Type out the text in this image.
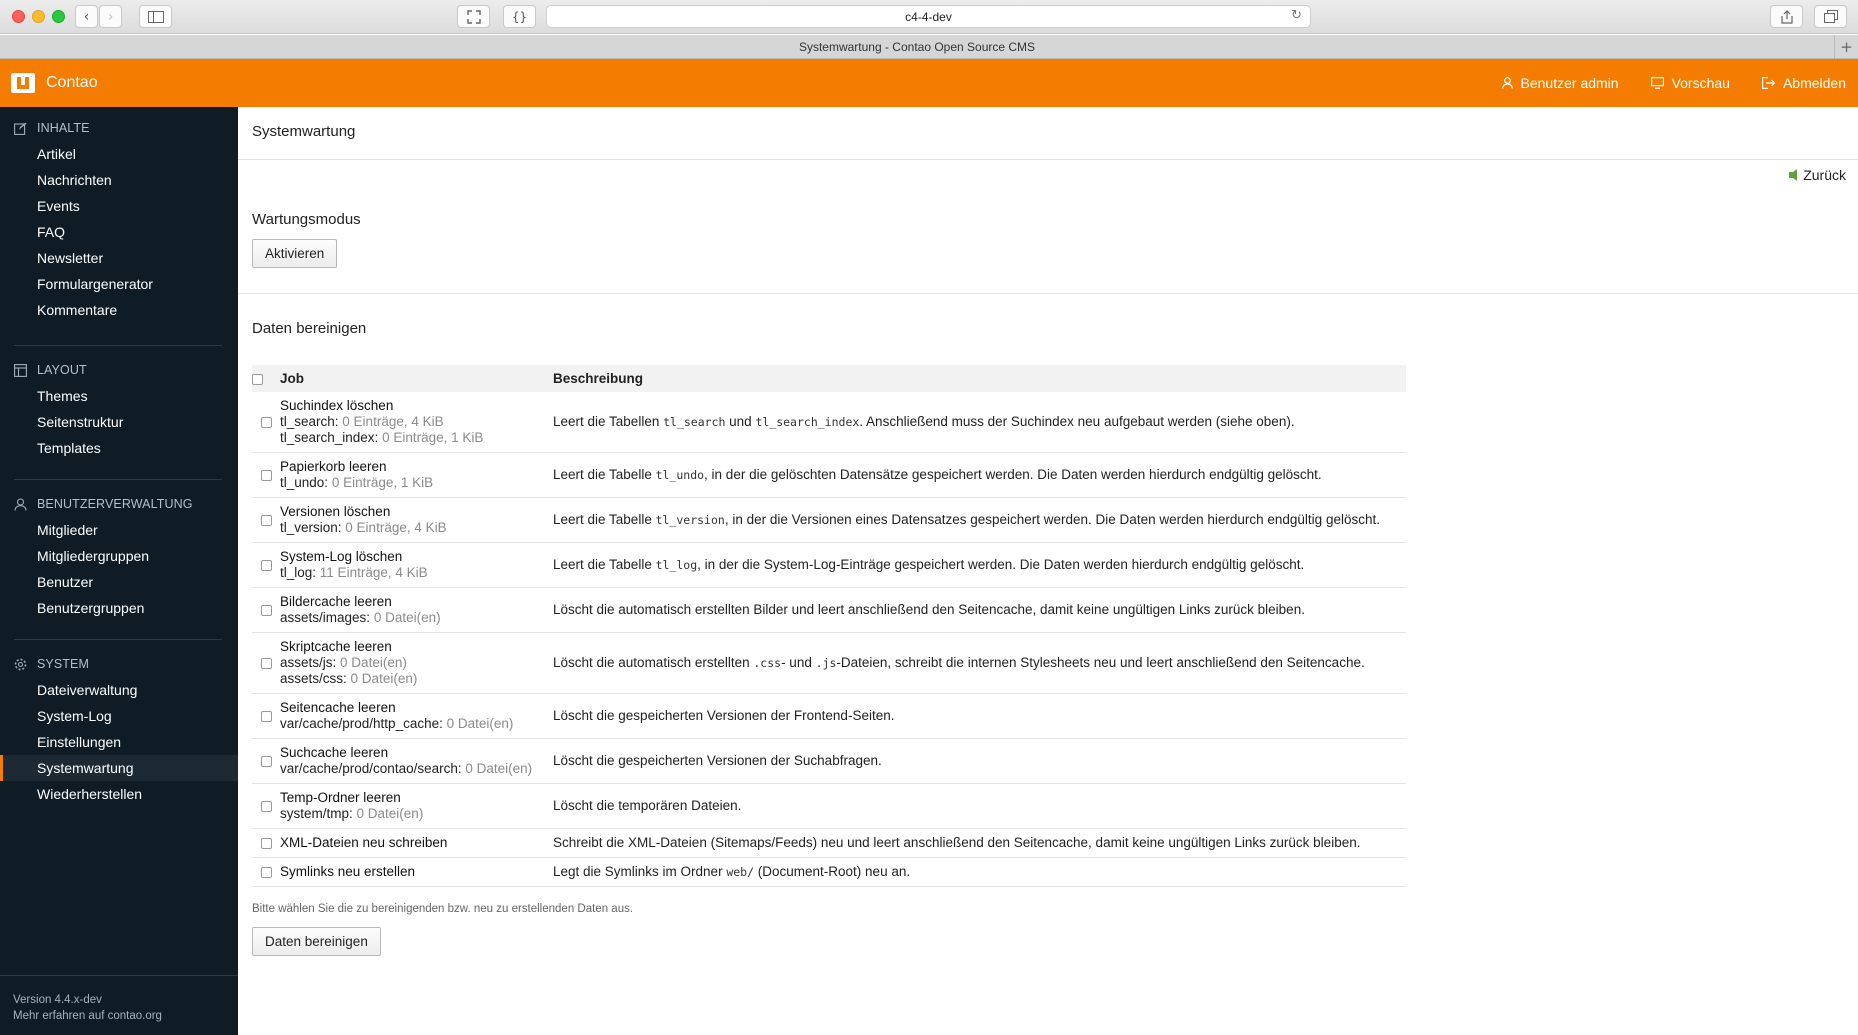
‹ ›	{}	c4-4-dev	↻
Systemwartung - Contao Open Source CMS	+
Contao	Benutzer admin	Vorschau	Abmelden
INHALTE
Artikel
Nachrichten
Events
FAQ
Newsletter
Formulargenerator
Kommentare
LAYOUT
Themes
Seitenstruktur
Templates
BENUTZERVERWALTUNG
Mitglieder
Mitgliedergruppen
Benutzer
Benutzergruppen
SYSTEM
Dateiverwaltung
System-Log
Einstellungen
Systemwartung
Wiederherstellen
Version 4.4.x-dev
Mehr erfahren auf contao.org
Systemwartung
Zurück
Wartungsmodus
Aktivieren
Daten bereinigen
	Job	Beschreibung

	Suchindex löschen
tl_search: 0 Einträge, 4 KiB
tl_search_index: 0 Einträge, 1 KiB	Leert die Tabellen tl_search und tl_search_index. Anschließend muss der Suchindex neu aufgebaut werden (siehe oben).

	Papierkorb leeren
tl_undo: 0 Einträge, 1 KiB	Leert die Tabelle tl_undo, in der die gelöschten Datensätze gespeichert werden. Die Daten werden hierdurch endgültig gelöscht.

	Versionen löschen
tl_version: 0 Einträge, 4 KiB	Leert die Tabelle tl_version, in der die Versionen eines Datensatzes gespeichert werden. Die Daten werden hierdurch endgültig gelöscht.

	System-Log löschen
tl_log: 11 Einträge, 4 KiB	Leert die Tabelle tl_log, in der die System-Log-Einträge gespeichert werden. Die Daten werden hierdurch endgültig gelöscht.

	Bildercache leeren
assets/images: 0 Datei(en)	Löscht die automatisch erstellten Bilder und leert anschließend den Seitencache, damit keine ungültigen Links zurück bleiben.

	Skriptcache leeren
assets/js: 0 Datei(en)
assets/css: 0 Datei(en)	Löscht die automatisch erstellten .css- und .js-Dateien, schreibt die internen Stylesheets neu und leert anschließend den Seitencache.

	Seitencache leeren
var/cache/prod/http_cache: 0 Datei(en)	Löscht die gespeicherten Versionen der Frontend-Seiten.

	Suchcache leeren
var/cache/prod/contao/search: 0 Datei(en)	Löscht die gespeicherten Versionen der Suchabfragen.

	Temp-Ordner leeren
system/tmp: 0 Datei(en)	Löscht die temporären Dateien.

	XML-Dateien neu schreiben	Schreibt die XML-Dateien (Sitemaps/Feeds) neu und leert anschließend den Seitencache, damit keine ungültigen Links zurück bleiben.

	Symlinks neu erstellen	Legt die Symlinks im Ordner web/ (Document-Root) neu an.
Bitte wählen Sie die zu bereinigenden bzw. neu zu erstellenden Daten aus.
Daten bereinigen
